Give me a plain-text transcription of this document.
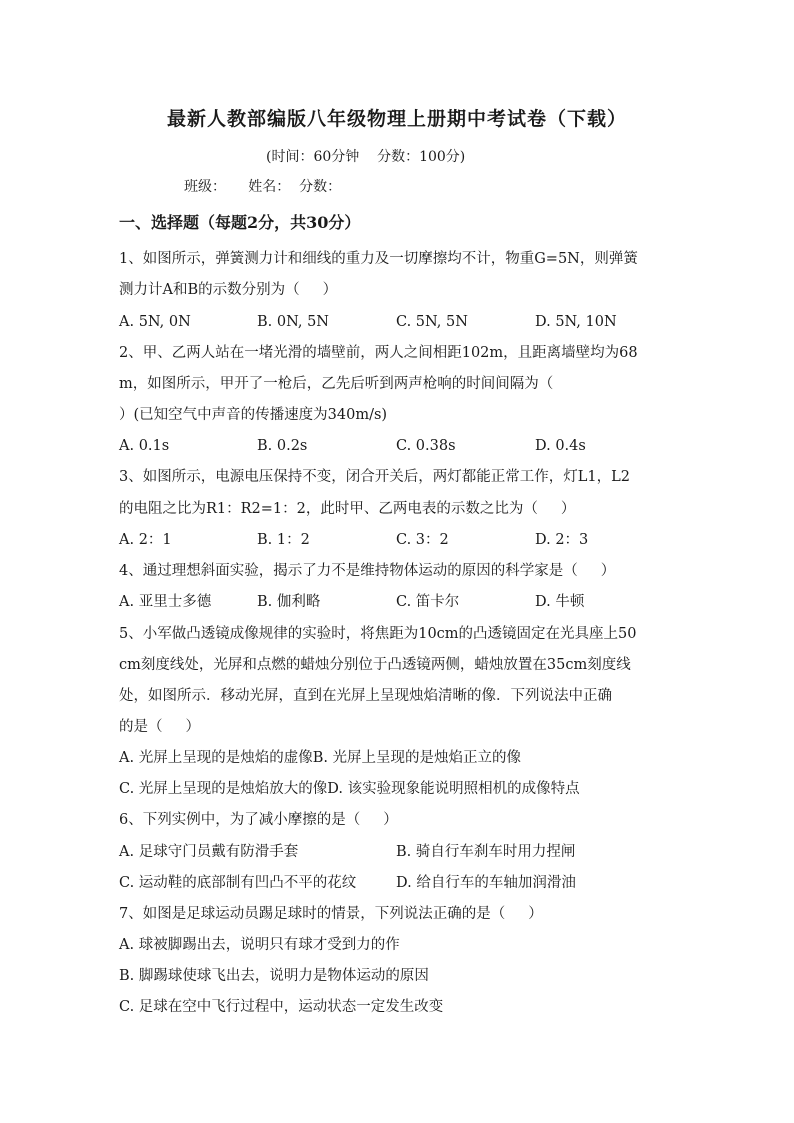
最新人教部编版八年级物理上册期中考试卷（下载）
(时间：60分钟    分数：100分)
班级：     姓名：  分数：
一、选择题（每题2分，共30分）
1、如图所示，弹簧测力计和细线的重力及一切摩擦均不计，物重G=5N，则弹簧
测力计A和B的示数分别为（     ）
A. 5N, 0N	B. 0N, 5N	C. 5N, 5N	D. 5N, 10N
2、甲、乙两人站在一堵光滑的墙壁前，两人之间相距102m，且距离墙壁均为68
m，如图所示，甲开了一枪后，乙先后听到两声枪响的时间间隔为（
）(已知空气中声音的传播速度为340m/s)
A. 0.1s	B. 0.2s	C. 0.38s	D. 0.4s
3、如图所示，电源电压保持不变，闭合开关后，两灯都能正常工作，灯L1，L2
的电阻之比为R1：R2=1：2，此时甲、乙两电表的示数之比为（     ）
A. 2：1	B. 1：2	C. 3：2	D. 2：3
4、通过理想斜面实验，揭示了力不是维持物体运动的原因的科学家是（     ）
A. 亚里士多德	B. 伽利略	C. 笛卡尔	D. 牛顿
5、小军做凸透镜成像规律的实验时，将焦距为10cm的凸透镜固定在光具座上50
cm刻度线处，光屏和点燃的蜡烛分别位于凸透镜两侧，蜡烛放置在35cm刻度线
处，如图所示．移动光屏，直到在光屏上呈现烛焰清晰的像．下列说法中正确
的是（     ）
A. 光屏上呈现的是烛焰的虚像B. 光屏上呈现的是烛焰正立的像
C. 光屏上呈现的是烛焰放大的像D. 该实验现象能说明照相机的成像特点
6、下列实例中，为了减小摩擦的是（     ）
A. 足球守门员戴有防滑手套	B. 骑自行车刹车时用力捏闸
C. 运动鞋的底部制有凹凸不平的花纹	D. 给自行车的车轴加润滑油
7、如图是足球运动员踢足球时的情景，下列说法正确的是（     ）
A. 球被脚踢出去，说明只有球才受到力的作
B. 脚踢球使球飞出去，说明力是物体运动的原因
C. 足球在空中飞行过程中，运动状态一定发生改变
